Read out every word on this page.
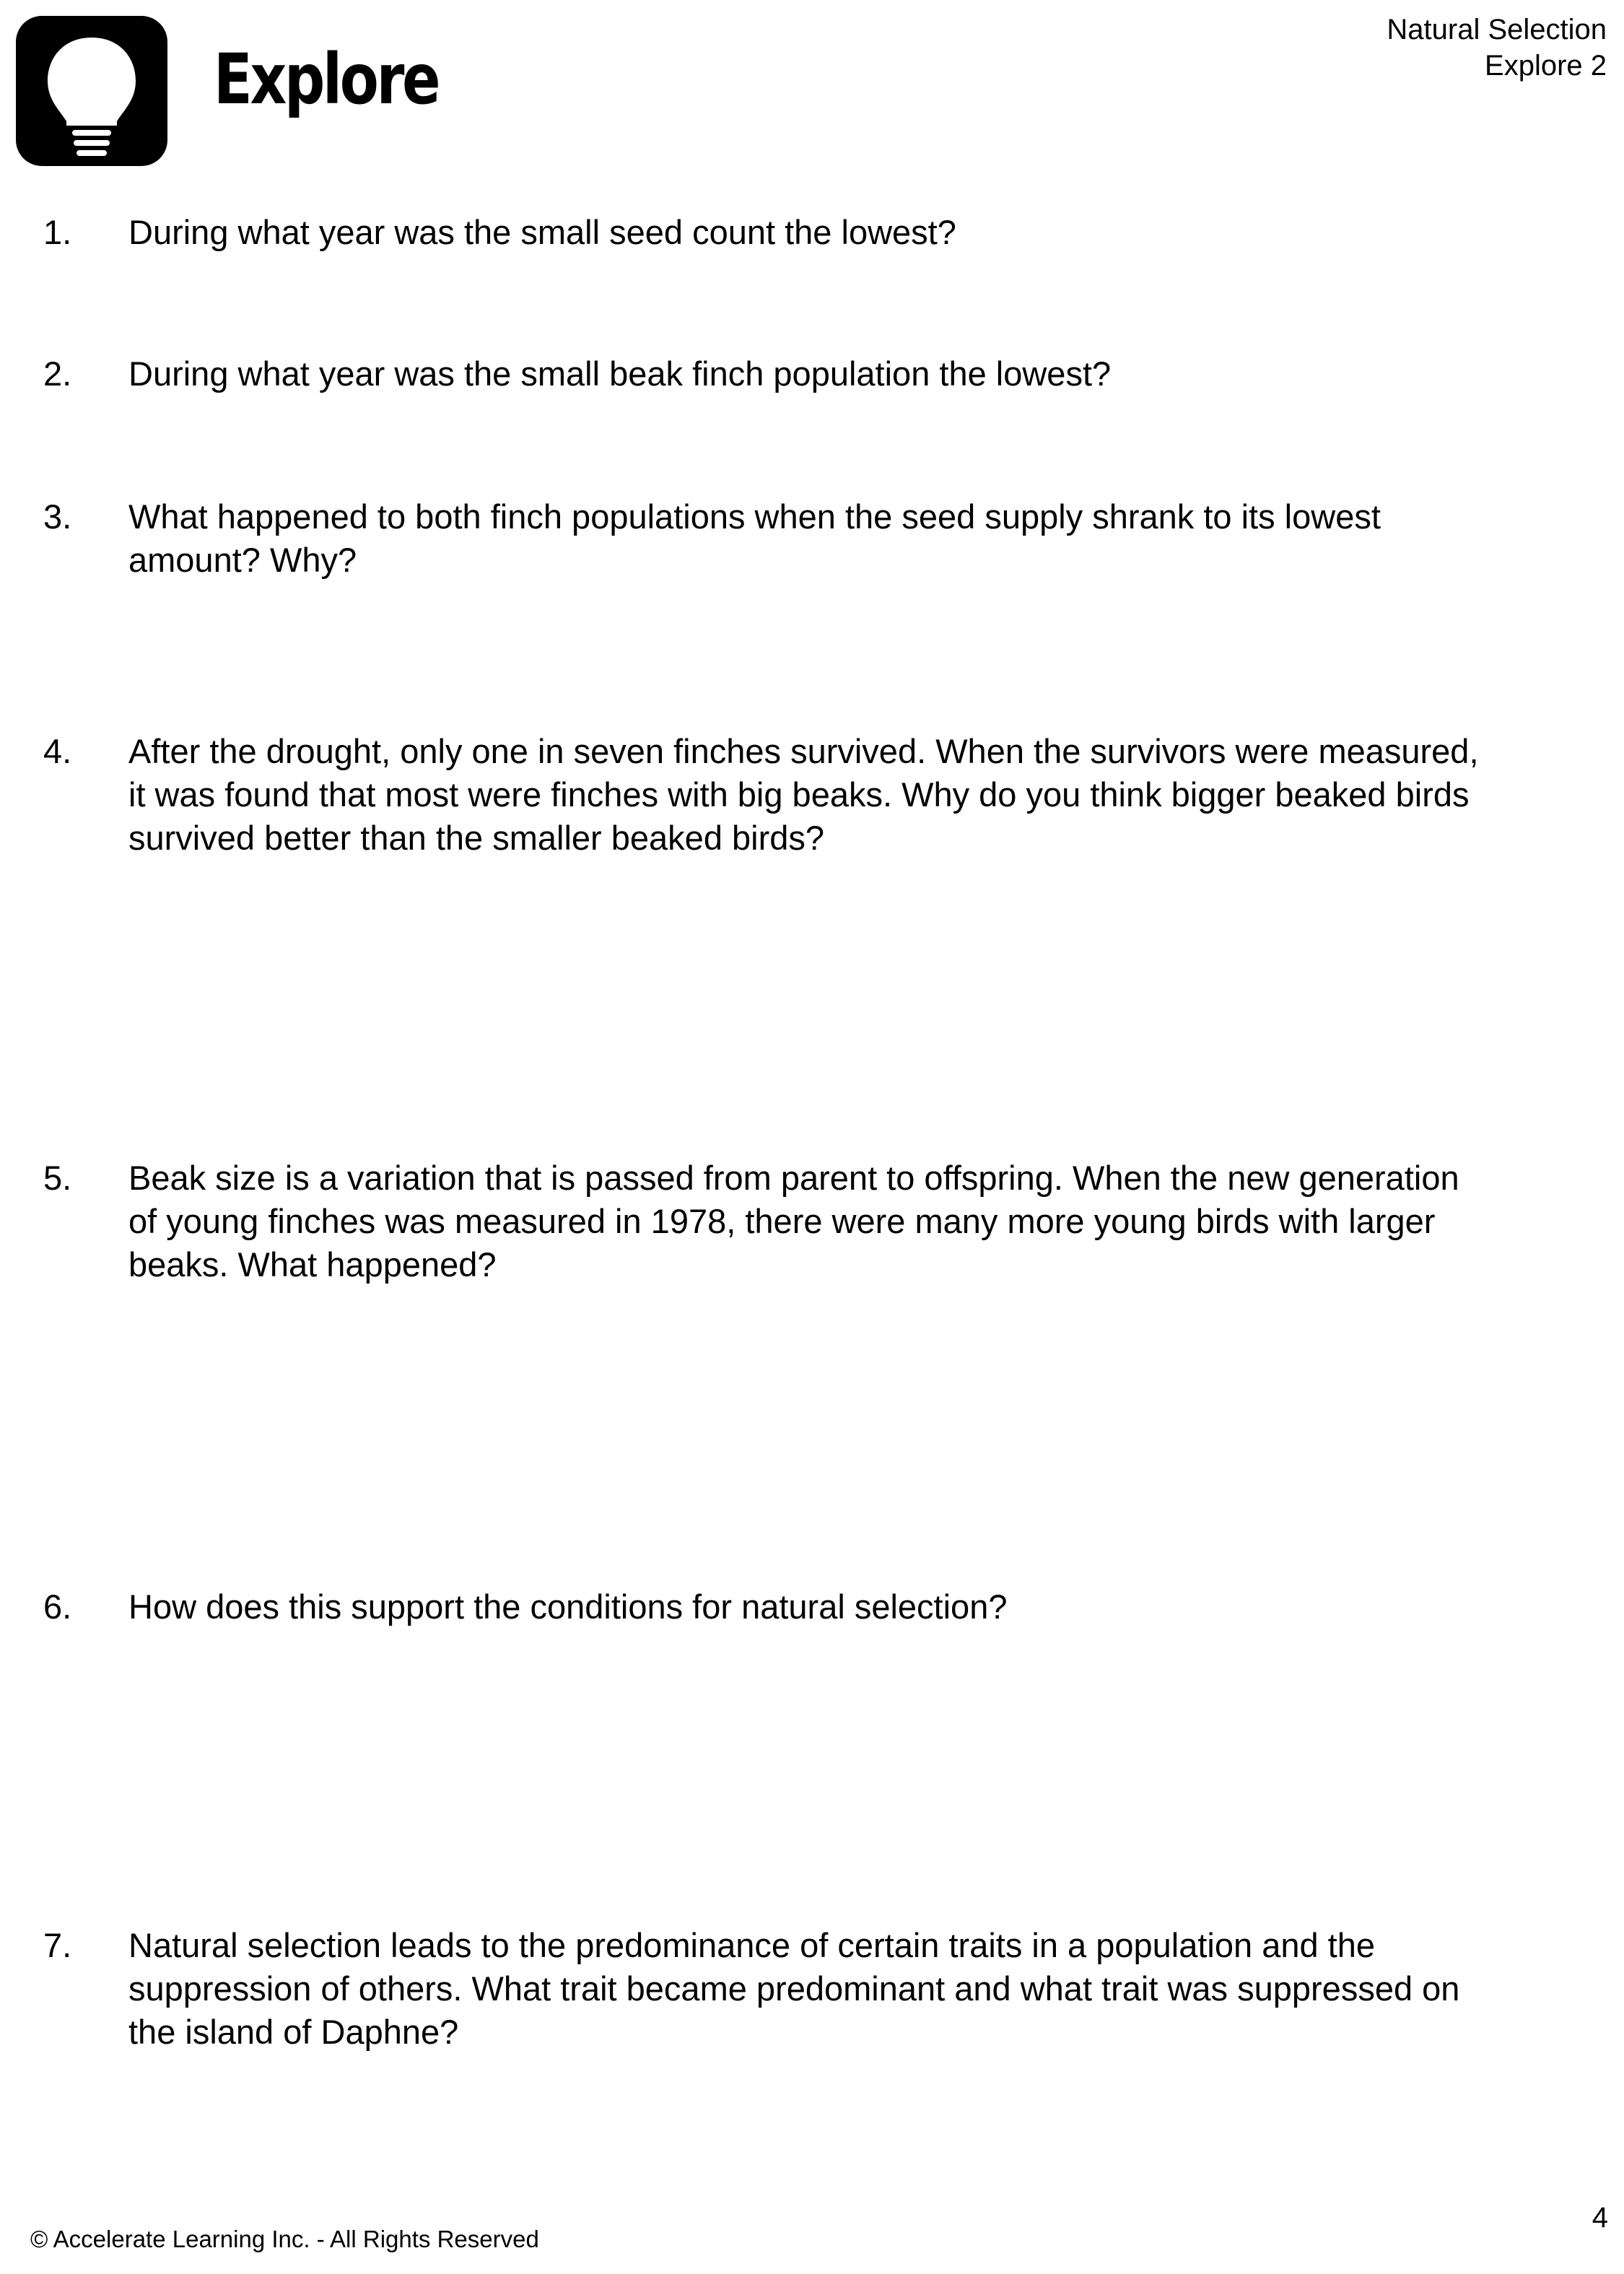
Explore
Natural Selection
Explore 2
1.	During what year was the small seed count the lowest?
2.	During what year was the small beak finch population the lowest?
3.	What happened to both finch populations when the seed supply shrank to its lowest
amount? Why?
4.	After the drought, only one in seven finches survived. When the survivors were measured,
it was found that most were finches with big beaks. Why do you think bigger beaked birds
survived better than the smaller beaked birds?
5.	Beak size is a variation that is passed from parent to offspring. When the new generation
of young finches was measured in 1978, there were many more young birds with larger
beaks. What happened?
6.	How does this support the conditions for natural selection?
7.	Natural selection leads to the predominance of certain traits in a population and the
suppression of others. What trait became predominant and what trait was suppressed on
the island of Daphne?
© Accelerate Learning Inc. - All Rights Reserved
4
